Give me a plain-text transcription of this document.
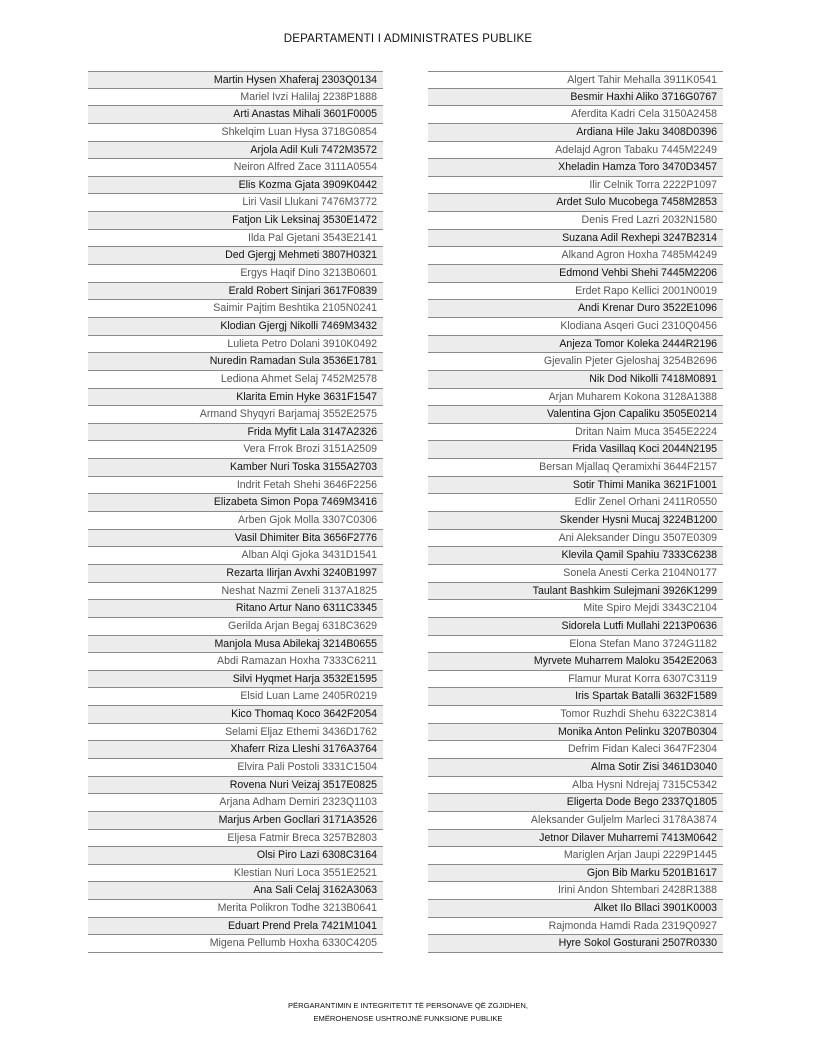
DEPARTAMENTI I ADMINISTRATES PUBLIKE
Martin Hysen Xhaferaj 2303Q0134
Mariel Ivzi Halilaj 2238P1888
Arti Anastas Mihali 3601F0005
Shkelqim Luan Hysa 3718G0854
Arjola Adil Kuli 7472M3572
Neiron Alfred Zace 3111A0554
Elis Kozma Gjata 3909K0442
Liri Vasil Llukani 7476M3772
Fatjon Lik Leksinaj 3530E1472
Ilda Pal Gjetani 3543E2141
Ded Gjergj Mehmeti 3807H0321
Ergys Haqif Dino 3213B0601
Erald Robert Sinjari 3617F0839
Saimir Pajtim Beshtika 2105N0241
Klodian Gjergj Nikolli 7469M3432
Lulieta Petro Dolani 3910K0492
Nuredin Ramadan Sula 3536E1781
Lediona Ahmet Selaj 7452M2578
Klarita Emin Hyke 3631F1547
Armand Shyqyri Barjamaj 3552E2575
Frida Myfit Lala 3147A2326
Vera Frrok Brozi 3151A2509
Kamber Nuri Toska 3155A2703
Indrit Fetah Shehi 3646F2256
Elizabeta Simon Popa 7469M3416
Arben Gjok Molla 3307C0306
Vasil Dhimiter Bita 3656F2776
Alban Alqi Gjoka 3431D1541
Rezarta Ilirjan Avxhi 3240B1997
Neshat Nazmi Zeneli 3137A1825
Ritano Artur Nano 6311C3345
Gerilda Arjan Begaj 6318C3629
Manjola Musa Abilekaj 3214B0655
Abdi Ramazan Hoxha 7333C6211
Silvi Hyqmet Harja 3532E1595
Elsid Luan Lame 2405R0219
Kico Thomaq Koco 3642F2054
Selami Eljaz Ethemi 3436D1762
Xhaferr Riza Lleshi 3176A3764
Elvira Pali Postoli 3331C1504
Rovena Nuri Veizaj 3517E0825
Arjana Adham Demiri 2323Q1103
Marjus Arben Gocllari 3171A3526
Eljesa Fatmir Breca 3257B2803
Olsi Piro Lazi 6308C3164
Klestian Nuri Loca 3551E2521
Ana Sali Celaj 3162A3063
Merita Polikron Todhe 3213B0641
Eduart Prend Prela 7421M1041
Migena Pellumb Hoxha 6330C4205
Algert Tahir Mehalla 3911K0541
Besmir Haxhi Aliko 3716G0767
Aferdita Kadri Cela 3150A2458
Ardiana Hile Jaku 3408D0396
Adelajd Agron Tabaku 7445M2249
Xheladin Hamza Toro 3470D3457
Ilir Celnik Torra 2222P1097
Ardet Sulo Mucobega 7458M2853
Denis Fred Lazri 2032N1580
Suzana Adil Rexhepi 3247B2314
Alkand Agron Hoxha 7485M4249
Edmond Vehbi Shehi 7445M2206
Erdet Rapo Kellici 2001N0019
Andi Krenar Duro 3522E1096
Klodiana Asqeri Guci 2310Q0456
Anjeza Tomor Koleka 2444R2196
Gjevalin Pjeter Gjeloshaj 3254B2696
Nik Dod Nikolli 7418M0891
Arjan Muharem Kokona 3128A1388
Valentina Gjon Capaliku 3505E0214
Dritan Naim Muca 3545E2224
Frida Vasillaq Koci 2044N2195
Bersan Mjallaq Qeramixhi 3644F2157
Sotir Thimi Manika 3621F1001
Edlir Zenel Orhani 2411R0550
Skender Hysni Mucaj 3224B1200
Ani Aleksander Dingu 3507E0309
Klevila Qamil Spahiu 7333C6238
Sonela Anesti Cerka 2104N0177
Taulant Bashkim Sulejmani 3926K1299
Mite Spiro Mejdi 3343C2104
Sidorela Lutfi Mullahi 2213P0636
Elona Stefan Mano 3724G1182
Myrvete Muharrem Maloku 3542E2063
Flamur Murat Korra 6307C3119
Iris Spartak Batalli 3632F1589
Tomor Ruzhdi Shehu 6322C3814
Monika Anton Pelinku 3207B0304
Defrim Fidan Kaleci 3647F2304
Alma Sotir Zisi 3461D3040
Alba Hysni Ndrejaj 7315C5342
Eligerta Dode Bego 2337Q1805
Aleksander Guljelm Marleci 3178A3874
Jetnor Dilaver Muharremi 7413M0642
Mariglen Arjan Jaupi 2229P1445
Gjon Bib Marku 5201B1617
Irini Andon Shtembari 2428R1388
Alket Ilo Bllaci 3901K0003
Rajmonda Hamdi Rada 2319Q0927
Hyre Sokol Gosturani 2507R0330
PËRGARANTIMIN E INTEGRITETIT TË PERSONAVE QË ZGJIDHEN,
EMËROHENOSE USHTROJNË FUNKSIONE PUBLIKE
